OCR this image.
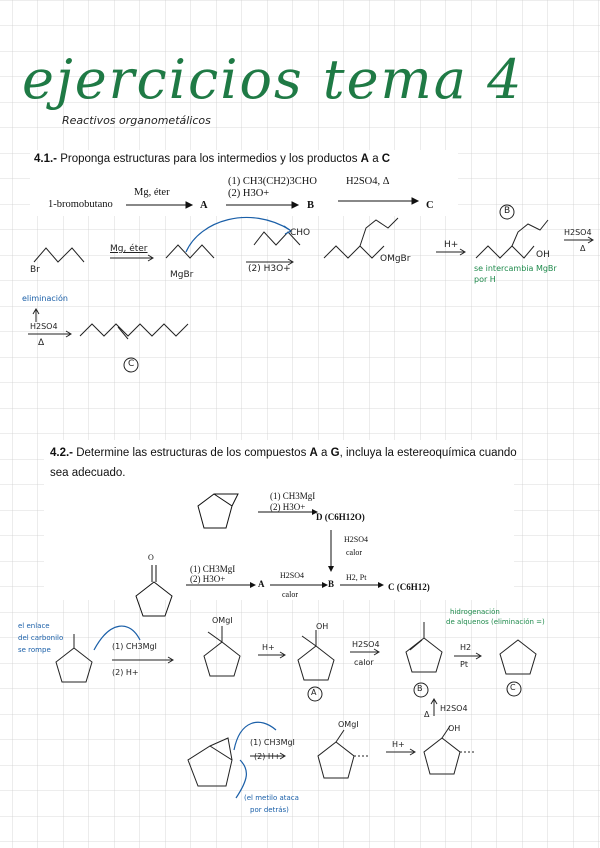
ejercicios tema 4
Reactivos organometálicos
4.1.- Proponga estructuras para los intermedios y los productos A a C
1-bromobutano
Mg, éter
A
(1) CH3(CH2)3CHO
(2) H3O+
B
H2SO4, Δ
C
Br
Mg, éter
MgBr
CHO
(2) H3O+
OMgBr
H+
B
OH
H2SO4
Δ
se intercambia MgBr
por H
eliminación
H2SO4
Δ
C
4.2.- Determine las estructuras de los compuestos A a G, incluya la estereoquímica cuando
sea adecuado.
(1) CH3MgI
(2) H3O+
D (C6H12O)
H2SO4
calor
O
(1) CH3MgI
(2) H3O+	A
H2SO4
calor
B
H2, Pt
C (C6H12)
el enlace
del carbonilo
se rompe	(1) CH3MgI
(2) H+
OMgI
H+
OH
H2SO4
calor
hidrogenación
de alquenos (eliminación =)
H2
Pt
A	B	C
H2SO4
Δ
(1) CH3MgI
(2) H+
OMgI
H+
OH
(el metilo ataca
por detrás)
